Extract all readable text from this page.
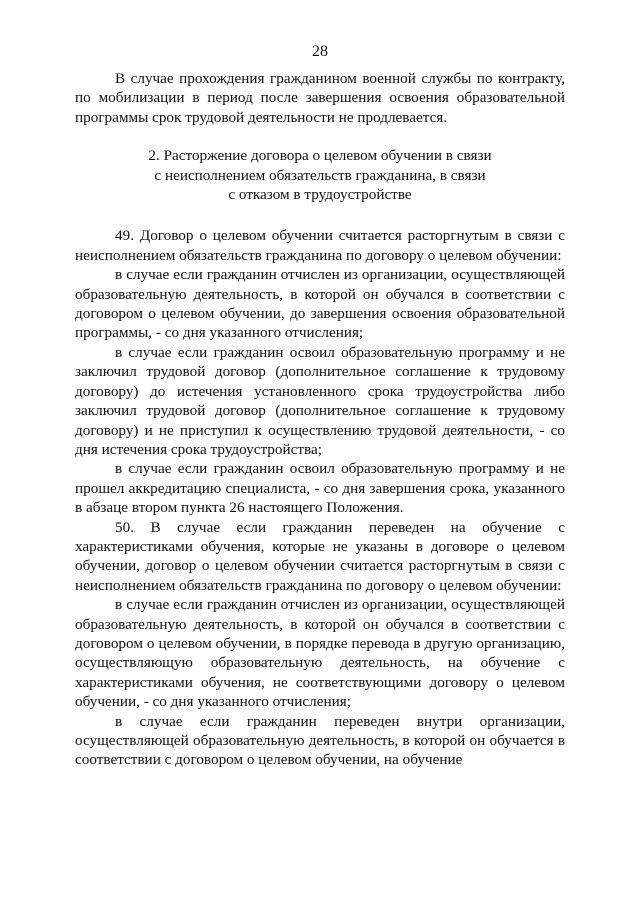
28

В случае прохождения гражданином военной службы по контракту, по мобилизации в период после завершения освоения образовательной программы срок трудовой деятельности не продлевается.

2. Расторжение договора о целевом обучении в связи
с неисполнением обязательств гражданина, в связи
с отказом в трудоустройстве

49. Договор о целевом обучении считается расторгнутым в связи с неисполнением обязательств гражданина по договору о целевом обучении:

в случае если гражданин отчислен из организации, осуществляющей образовательную деятельность, в которой он обучался в соответствии с договором о целевом обучении, до завершения освоения образовательной программы, - со дня указанного отчисления;

в случае если гражданин освоил образовательную программу и не заключил трудовой договор (дополнительное соглашение к трудовому договору) до истечения установленного срока трудоустройства либо заключил трудовой договор (дополнительное соглашение к трудовому договору) и не приступил к осуществлению трудовой деятельности, - со дня истечения срока трудоустройства;

в случае если гражданин освоил образовательную программу и не прошел аккредитацию специалиста, - со дня завершения срока, указанного в абзаце втором пункта 26 настоящего Положения.

50. В случае если гражданин переведен на обучение с характеристиками обучения, которые не указаны в договоре о целевом обучении, договор о целевом обучении считается расторгнутым в связи с неисполнением обязательств гражданина по договору о целевом обучении:

в случае если гражданин отчислен из организации, осуществляющей образовательную деятельность, в которой он обучался в соответствии с договором о целевом обучении, в порядке перевода в другую организацию, осуществляющую образовательную деятельность, на обучение с характеристиками обучения, не соответствующими договору о целевом обучении, - со дня указанного отчисления;

в случае если гражданин переведен внутри организации, осуществляющей образовательную деятельность, в которой он обучается в соответствии с договором о целевом обучении, на обучение
